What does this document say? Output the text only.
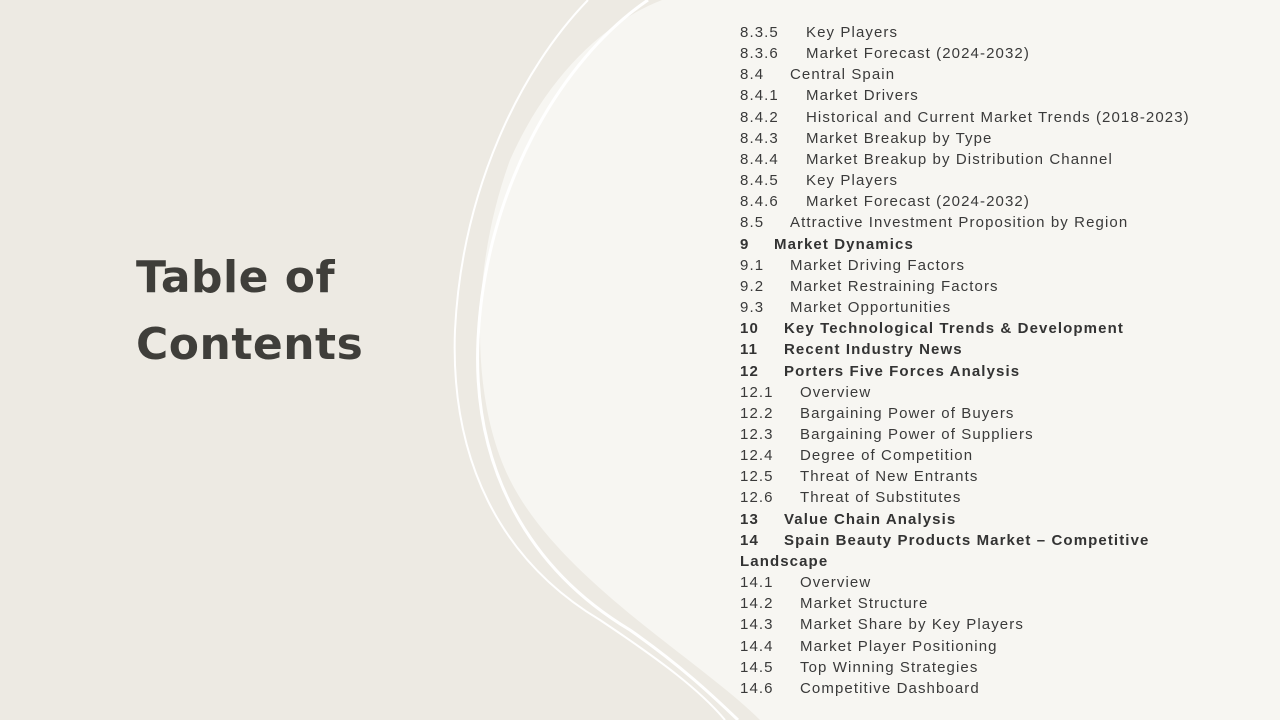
Table of
Contents
8.3.5 Key Players
8.3.6 Market Forecast (2024-2032)
8.4 Central Spain
8.4.1 Market Drivers
8.4.2 Historical and Current Market Trends (2018-2023)
8.4.3 Market Breakup by Type
8.4.4 Market Breakup by Distribution Channel
8.4.5 Key Players
8.4.6 Market Forecast (2024-2032)
8.5 Attractive Investment Proposition by Region
9 Market Dynamics
9.1 Market Driving Factors
9.2 Market Restraining Factors
9.3 Market Opportunities
10 Key Technological Trends & Development
11 Recent Industry News
12 Porters Five Forces Analysis
12.1 Overview
12.2 Bargaining Power of Buyers
12.3 Bargaining Power of Suppliers
12.4 Degree of Competition
12.5 Threat of New Entrants
12.6 Threat of Substitutes
13 Value Chain Analysis
14 Spain Beauty Products Market – Competitive Landscape
14.1 Overview
14.2 Market Structure
14.3 Market Share by Key Players
14.4 Market Player Positioning
14.5 Top Winning Strategies
14.6 Competitive Dashboard
